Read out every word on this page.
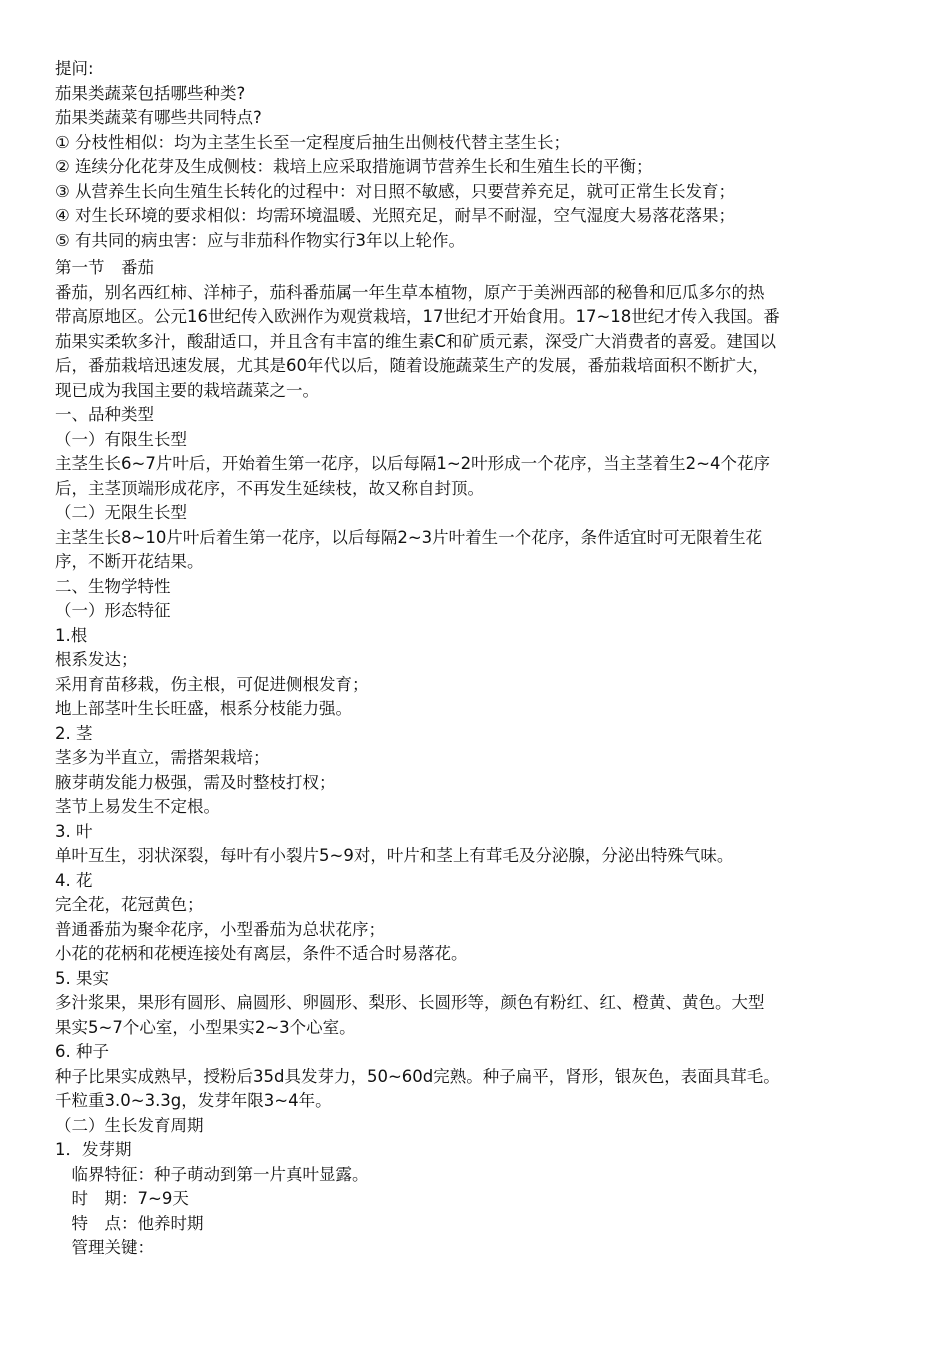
提问:
茄果类蔬菜包括哪些种类?
茄果类蔬菜有哪些共同特点?
① 分枝性相似：均为主茎生长至一定程度后抽生出侧枝代替主茎生长；
② 连续分化花芽及生成侧枝：栽培上应采取措施调节营养生长和生殖生长的平衡；
③ 从营养生长向生殖生长转化的过程中：对日照不敏感，只要营养充足，就可正常生长发育；
④ 对生长环境的要求相似：均需环境温暖、光照充足，耐旱不耐湿，空气湿度大易落花落果；
⑤ 有共同的病虫害：应与非茄科作物实行3年以上轮作。
第一节　番茄
番茄，别名西红柿、洋柿子，茄科番茄属一年生草本植物，原产于美洲西部的秘鲁和厄瓜多尔的热
带高原地区。公元16世纪传入欧洲作为观赏栽培，17世纪才开始食用。17~18世纪才传入我国。番
茄果实柔软多汁，酸甜适口，并且含有丰富的维生素C和矿质元素，深受广大消费者的喜爱。建国以
后，番茄栽培迅速发展，尤其是60年代以后，随着设施蔬菜生产的发展，番茄栽培面积不断扩大，
现已成为我国主要的栽培蔬菜之一。
一、品种类型
（一）有限生长型
主茎生长6~7片叶后，开始着生第一花序，以后每隔1~2叶形成一个花序，当主茎着生2~4个花序
后，主茎顶端形成花序，不再发生延续枝，故又称自封顶。
（二）无限生长型
主茎生长8~10片叶后着生第一花序，以后每隔2~3片叶着生一个花序，条件适宜时可无限着生花
序，不断开花结果。
二、生物学特性
（一）形态特征
1.根
根系发达；
采用育苗移栽，伤主根，可促进侧根发育；
地上部茎叶生长旺盛，根系分枝能力强。
2. 茎
茎多为半直立，需搭架栽培；
腋芽萌发能力极强，需及时整枝打杈；
茎节上易发生不定根。
3. 叶
单叶互生，羽状深裂，每叶有小裂片5~9对，叶片和茎上有茸毛及分泌腺，分泌出特殊气味。
4. 花
完全花，花冠黄色；
普通番茄为聚伞花序，小型番茄为总状花序；
小花的花柄和花梗连接处有离层，条件不适合时易落花。
5. 果实
多汁浆果，果形有圆形、扁圆形、卵圆形、梨形、长圆形等，颜色有粉红、红、橙黄、黄色。大型
果实5~7个心室，小型果实2~3个心室。
6. 种子
种子比果实成熟早，授粉后35d具发芽力，50~60d完熟。种子扁平，肾形，银灰色，表面具茸毛。
千粒重3.0~3.3g，发芽年限3~4年。
（二）生长发育周期
1．发芽期
　临界特征：种子萌动到第一片真叶显露。
　时　期：7~9天
　特　点：他养时期
　管理关键：
